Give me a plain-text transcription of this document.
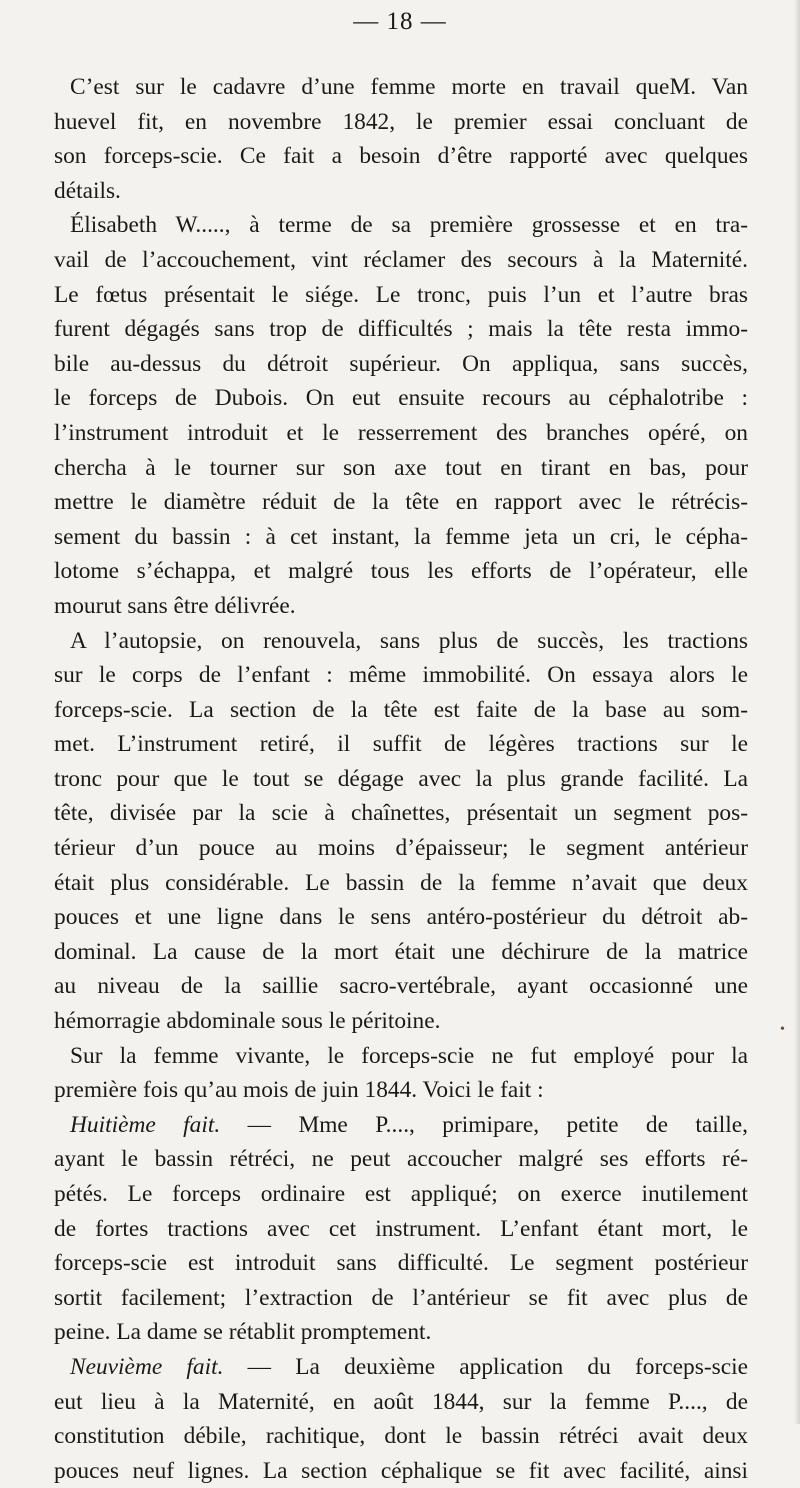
— 18 —
C’est sur le cadavre d’une femme morte en travail queM. Van
huevel fit, en novembre 1842, le premier essai concluant de
son forceps-scie. Ce fait a besoin d’être rapporté avec quelques
détails.
Élisabeth W....., à terme de sa première grossesse et en tra-
vail de l’accouchement, vint réclamer des secours à la Maternité.
Le fœtus présentait le siége. Le tronc, puis l’un et l’autre bras
furent dégagés sans trop de difficultés ; mais la tête resta immo-
bile au-dessus du détroit supérieur. On appliqua, sans succès,
le forceps de Dubois. On eut ensuite recours au céphalotribe :
l’instrument introduit et le resserrement des branches opéré, on
chercha à le tourner sur son axe tout en tirant en bas, pour
mettre le diamètre réduit de la tête en rapport avec le rétrécis-
sement du bassin : à cet instant, la femme jeta un cri, le cépha-
lotome s’échappa, et malgré tous les efforts de l’opérateur, elle
mourut sans être délivrée.
A l’autopsie, on renouvela, sans plus de succès, les tractions
sur le corps de l’enfant : même immobilité. On essaya alors le
forceps-scie. La section de la tête est faite de la base au som-
met. L’instrument retiré, il suffit de légères tractions sur le
tronc pour que le tout se dégage avec la plus grande facilité. La
tête, divisée par la scie à chaînettes, présentait un segment pos-
térieur d’un pouce au moins d’épaisseur; le segment antérieur
était plus considérable. Le bassin de la femme n’avait que deux
pouces et une ligne dans le sens antéro-postérieur du détroit ab-
dominal. La cause de la mort était une déchirure de la matrice
au niveau de la saillie sacro-vertébrale, ayant occasionné une
hémorragie abdominale sous le péritoine.
Sur la femme vivante, le forceps-scie ne fut employé pour la
première fois qu’au mois de juin 1844. Voici le fait :
Huitième fait. — Mme P...., primipare, petite de taille,
ayant le bassin rétréci, ne peut accoucher malgré ses efforts ré-
pétés. Le forceps ordinaire est appliqué; on exerce inutilement
de fortes tractions avec cet instrument. L’enfant étant mort, le
forceps-scie est introduit sans difficulté. Le segment postérieur
sortit facilement; l’extraction de l’antérieur se fit avec plus de
peine. La dame se rétablit promptement.
Neuvième fait. — La deuxième application du forceps-scie
eut lieu à la Maternité, en août 1844, sur la femme P...., de
constitution débile, rachitique, dont le bassin rétréci avait deux
pouces neuf lignes. La section céphalique se fit avec facilité, ainsi
•
